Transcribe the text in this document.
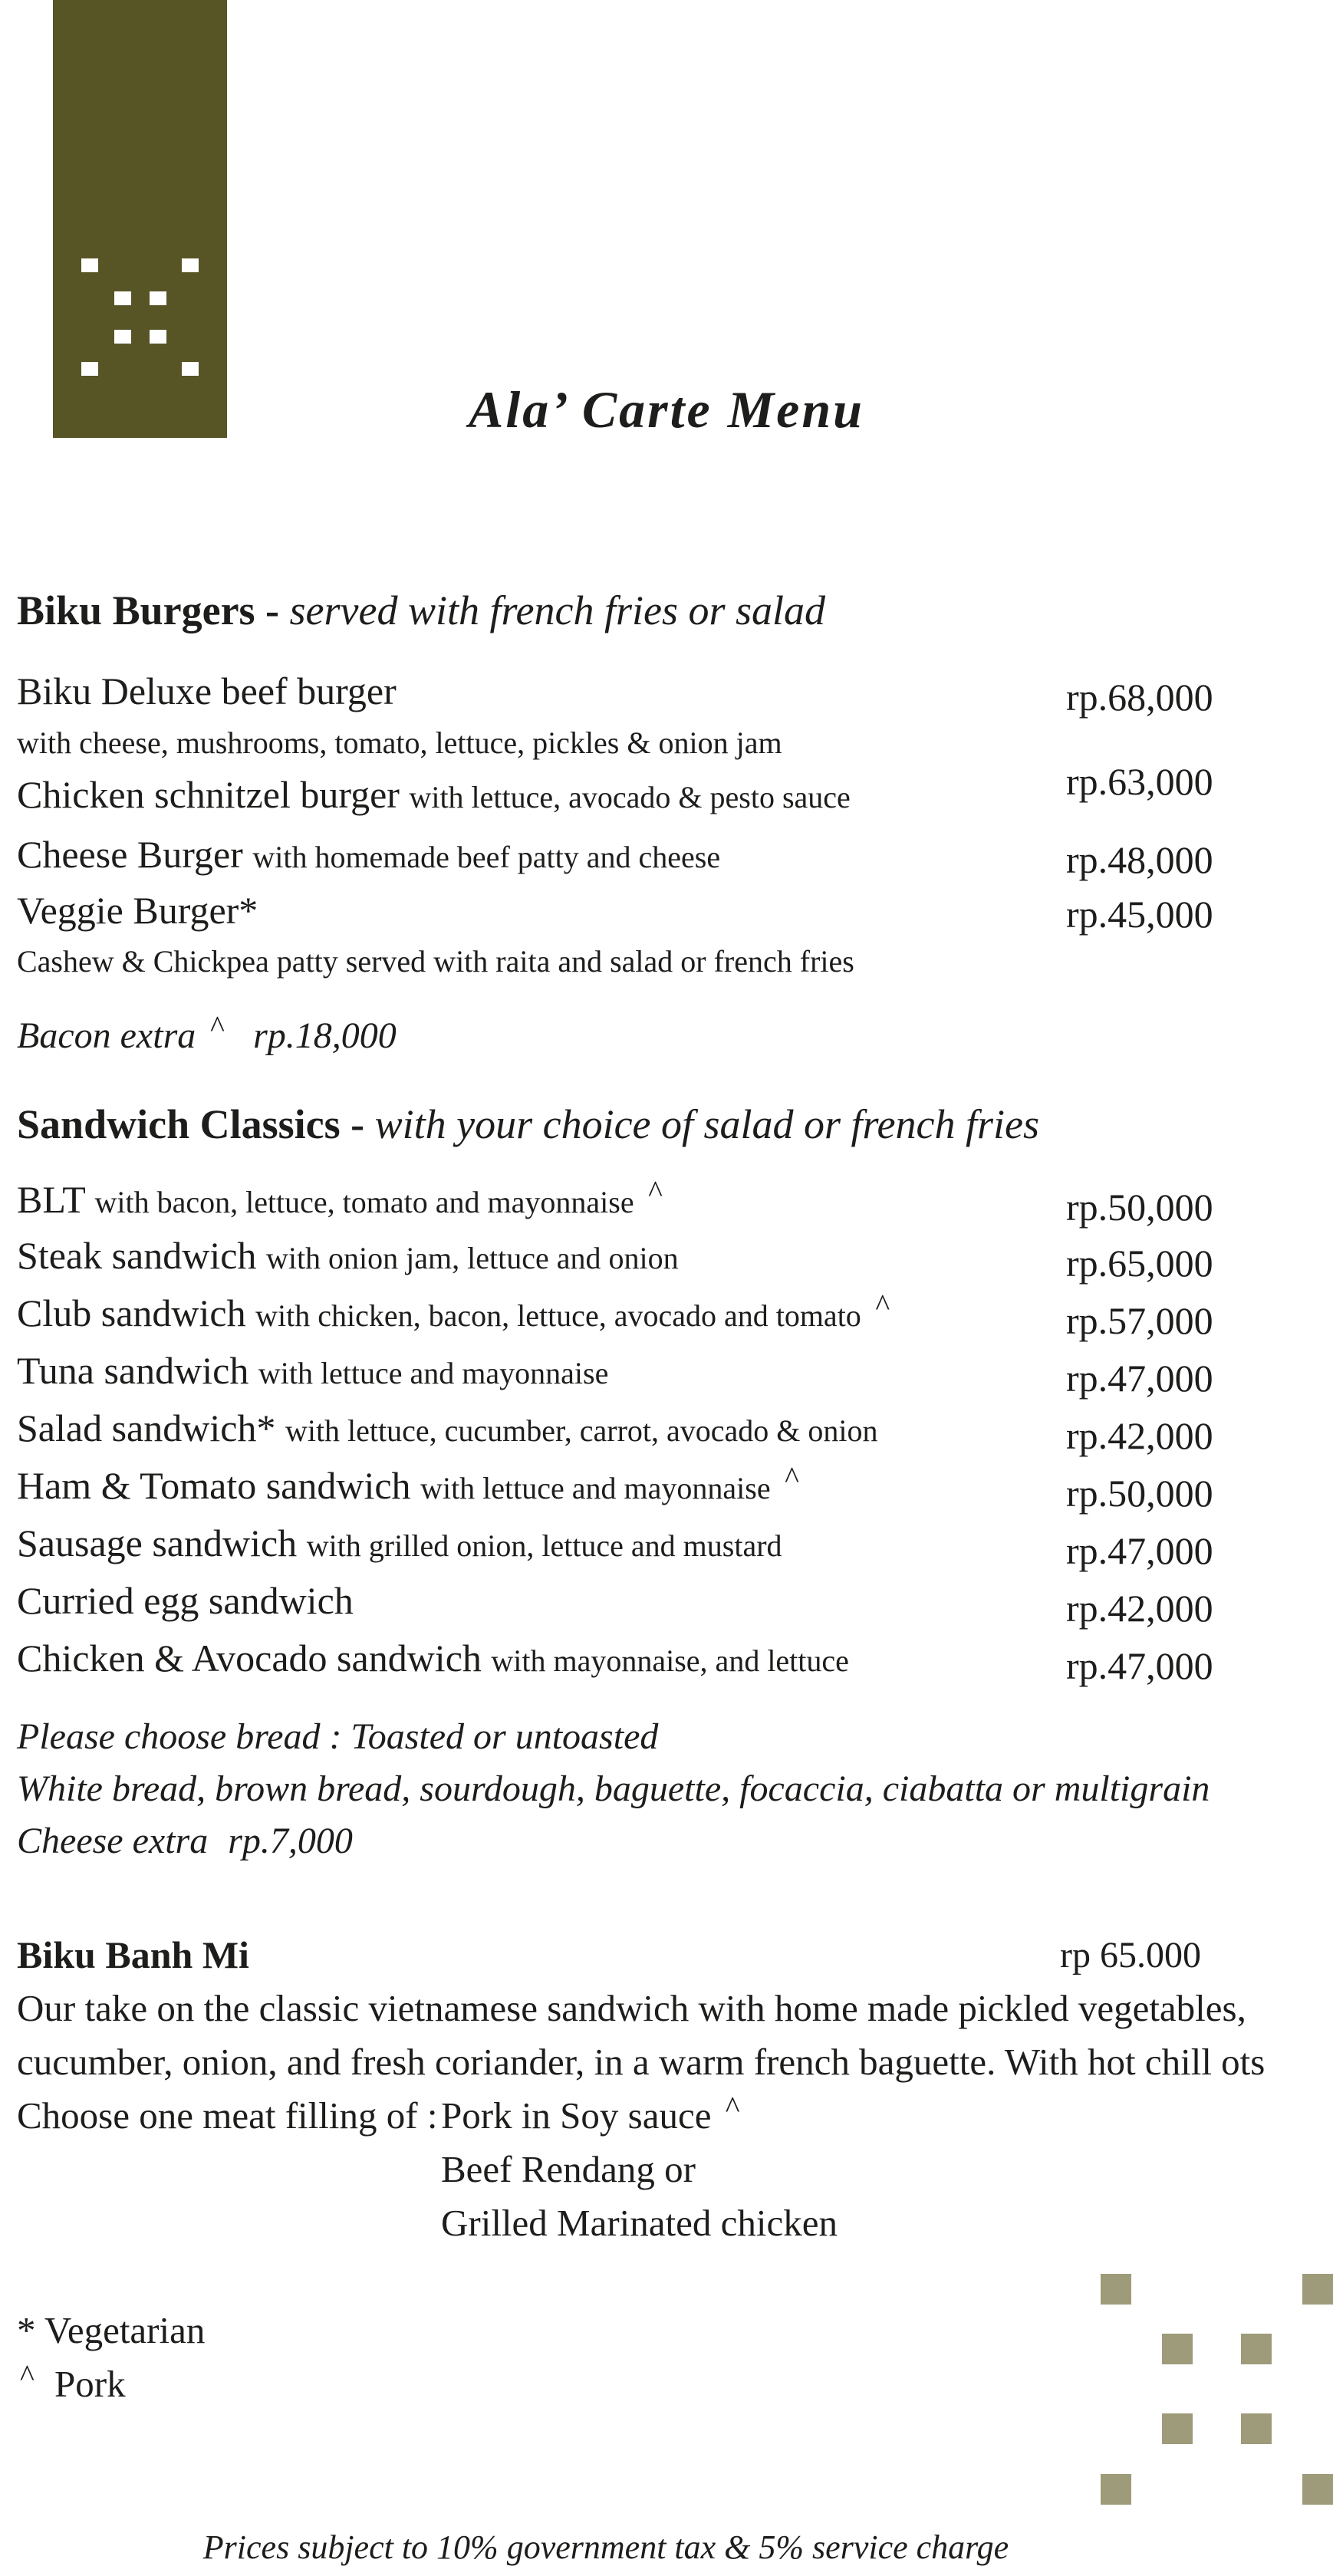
Ala’ Carte Menu
Biku Burgers - served with french fries or salad
Biku Deluxe beef burger	rp.68,000
with cheese, mushrooms, tomato, lettuce, pickles & onion jam
Chicken schnitzel burger with lettuce, avocado & pesto sauce	rp.63,000
Cheese Burger with homemade beef patty and cheese	rp.48,000
Veggie Burger*	rp.45,000
Cashew & Chickpea patty served with raita and salad or french fries
Bacon extra ^ rp.18,000
Sandwich Classics - with your choice of salad or french fries
BLT with bacon, lettuce, tomato and mayonnaise ^	rp.50,000
Steak sandwich with onion jam, lettuce and onion	rp.65,000
Club sandwich with chicken, bacon, lettuce, avocado and tomato ^	rp.57,000
Tuna sandwich with lettuce and mayonnaise	rp.47,000
Salad sandwich* with lettuce, cucumber, carrot, avocado & onion	rp.42,000
Ham & Tomato sandwich with lettuce and mayonnaise ^	rp.50,000
Sausage sandwich with grilled onion, lettuce and mustard	rp.47,000
Curried egg sandwich	rp.42,000
Chicken & Avocado sandwich with mayonnaise, and lettuce	rp.47,000
Please choose bread : Toasted or untoasted
White bread, brown bread, sourdough, baguette, focaccia, ciabatta or multigrain
Cheese extra rp.7,000
Biku Banh Mi	rp 65.000
Our take on the classic vietnamese sandwich with home made pickled vegetables,
cucumber, onion, and fresh coriander, in a warm french baguette. With hot chill ots
Choose one meat filling of : Pork in Soy sauce ^
Beef Rendang or
Grilled Marinated chicken
* Vegetarian
^ Pork
Prices subject to 10% government tax & 5% service charge
